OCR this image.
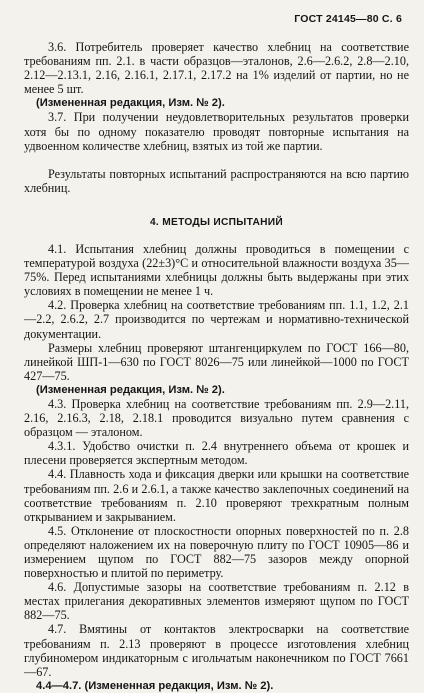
ГОСТ 24145—80 С. 6

3.6. Потребитель проверяет качество хлебниц на соответствие требованиям пп. 2.1. в части образцов—эталонов, 2.6—2.6.2, 2.8—2.10, 2.12—2.13.1, 2.16, 2.16.1, 2.17.1, 2.17.2 на 1% изделий от партии, но не менее 5 шт.

(Измененная редакция, Изм. № 2).

3.7. При получении неудовлетворительных результатов проверки хотя бы по одному показателю проводят повторные испытания на удвоенном количестве хлебниц, взятых из той же партии.

Результаты повторных испытаний распространяются на всю партию хлебниц.

4. МЕТОДЫ ИСПЫТАНИЙ

4.1. Испытания хлебниц должны проводиться в помещении с температурой воздуха (22±3)°С и относительной влажности воздуха 35—75%. Перед испытаниями хлебницы должны быть выдержаны при этих условиях в помещении не менее 1 ч.

4.2. Проверка хлебниц на соответствие требованиям пп. 1.1, 1.2, 2.1—2.2, 2.6.2, 2.7 производится по чертежам и нормативно-технической документации.

Размеры хлебниц проверяют штангенциркулем по ГОСТ 166—80, линейкой ШП-1—630 по ГОСТ 8026—75 или линейкой—1000 по ГОСТ 427—75.

(Измененная редакция, Изм. № 2).

4.3. Проверка хлебниц на соответствие требованиям пп. 2.9—2.11, 2.16, 2.16.3, 2.18, 2.18.1 проводится визуально путем сравнения с образцом — эталоном.

4.3.1. Удобство очистки п. 2.4 внутреннего объема от крошек и плесени проверяется экспертным методом.

4.4. Плавность хода и фиксация дверки или крышки на соответствие требованиям пп. 2.6 и 2.6.1, а также качество заклепочных соединений на соответствие требованиям п. 2.10 проверяют трехкратным полным открыванием и закрыванием.

4.5. Отклонение от плоскостности опорных поверхностей по п. 2.8 определяют наложением их на поверочную плиту по ГОСТ 10905—86 и измерением щупом по ГОСТ 882—75 зазоров между опорной поверхностью и плитой по периметру.

4.6. Допустимые зазоры на соответствие требованиям п. 2.12 в местах прилегания декоративных элементов измеряют щупом по ГОСТ 882—75.

4.7. Вмятины от контактов электросварки на соответствие требованиям п. 2.13 проверяют в процессе изготовления хлебниц глубиномером индикаторным с игольчатым наконечником по ГОСТ 7661—67.

4.4—4.7. (Измененная редакция, Изм. № 2).
